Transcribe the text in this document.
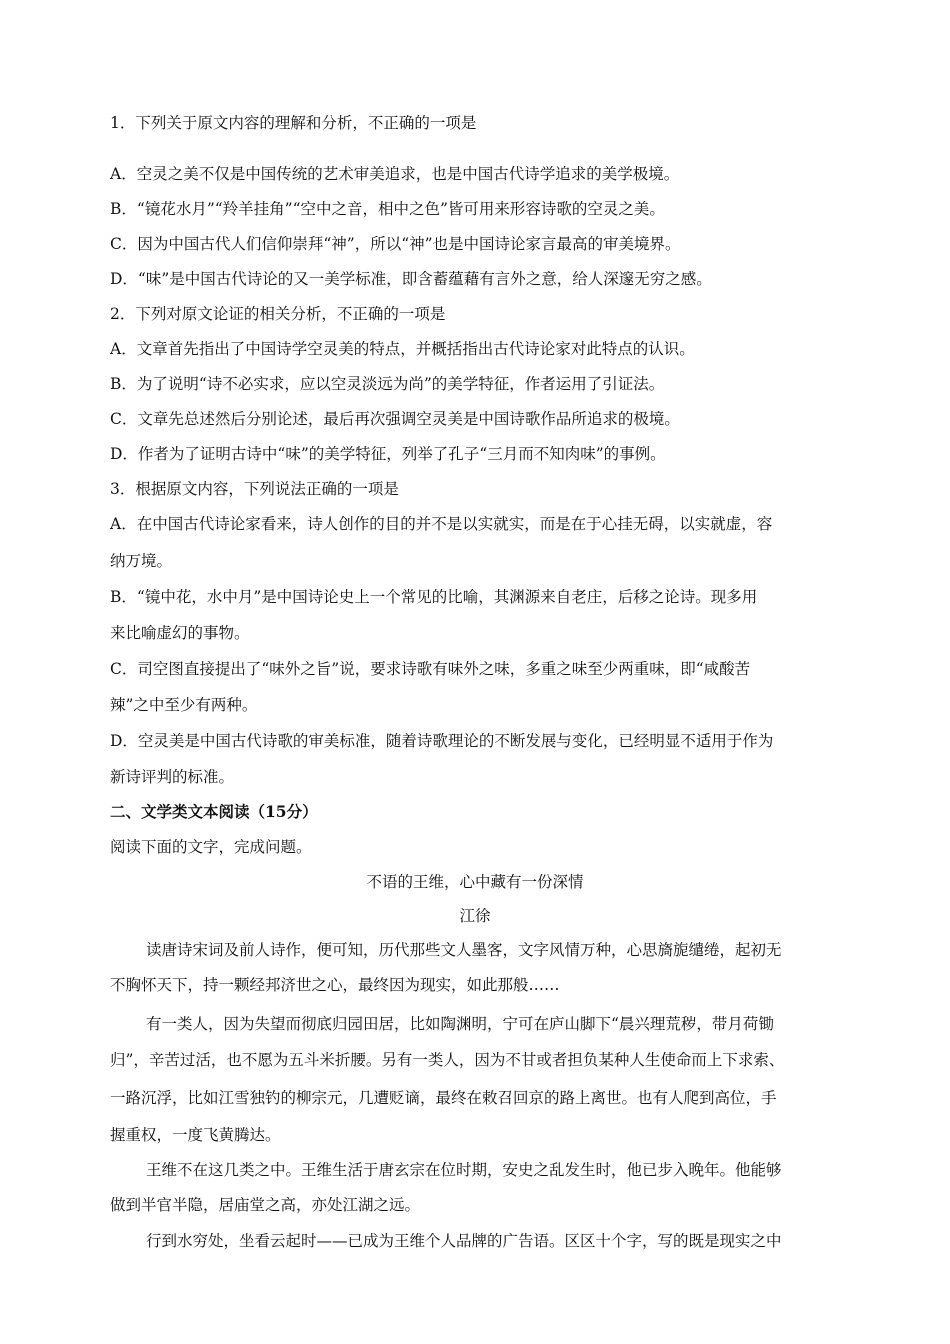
1．下列关于原文内容的理解和分析，不正确的一项是
A．空灵之美不仅是中国传统的艺术审美追求，也是中国古代诗学追求的美学极境。
B．“镜花水月”“羚羊挂角”“空中之音，相中之色”皆可用来形容诗歌的空灵之美。
C．因为中国古代人们信仰崇拜“神”，所以“神”也是中国诗论家言最高的审美境界。
D．“味”是中国古代诗论的又一美学标准，即含蓄蕴藉有言外之意，给人深邃无穷之感。
2．下列对原文论证的相关分析，不正确的一项是
A．文章首先指出了中国诗学空灵美的特点，并概括指出古代诗论家对此特点的认识。
B．为了说明“诗不必实求，应以空灵淡远为尚”的美学特征，作者运用了引证法。
C．文章先总述然后分别论述，最后再次强调空灵美是中国诗歌作品所追求的极境。
D．作者为了证明古诗中“味”的美学特征，列举了孔子“三月而不知肉味”的事例。
3．根据原文内容，下列说法正确的一项是
A．在中国古代诗论家看来，诗人创作的目的并不是以实就实，而是在于心挂无碍，以实就虚，容
纳万境。
B．“镜中花，水中月”是中国诗论史上一个常见的比喻，其渊源来自老庄，后移之论诗。现多用
来比喻虚幻的事物。
C．司空图直接提出了“味外之旨”说，要求诗歌有味外之味，多重之味至少两重味，即“咸酸苦
辣”之中至少有两种。
D．空灵美是中国古代诗歌的审美标准，随着诗歌理论的不断发展与变化，已经明显不适用于作为
新诗评判的标准。
二、文学类文本阅读（15分）
阅读下面的文字，完成问题。
不语的王维，心中藏有一份深情
江徐
读唐诗宋词及前人诗作，便可知，历代那些文人墨客，文字风情万种，心思旖旎缱绻，起初无
不胸怀天下，持一颗经邦济世之心，最终因为现实，如此那般……
有一类人，因为失望而彻底归园田居，比如陶渊明，宁可在庐山脚下“晨兴理荒秽，带月荷锄
归”，辛苦过活，也不愿为五斗米折腰。另有一类人，因为不甘或者担负某种人生使命而上下求索、
一路沉浮，比如江雪独钓的柳宗元，几遭贬谪，最终在敕召回京的路上离世。也有人爬到高位，手
握重权，一度飞黄腾达。
王维不在这几类之中。王维生活于唐玄宗在位时期，安史之乱发生时，他已步入晚年。他能够
做到半官半隐，居庙堂之高，亦处江湖之远。
行到水穷处，坐看云起时——已成为王维个人品牌的广告语。区区十个字，写的既是现实之中
